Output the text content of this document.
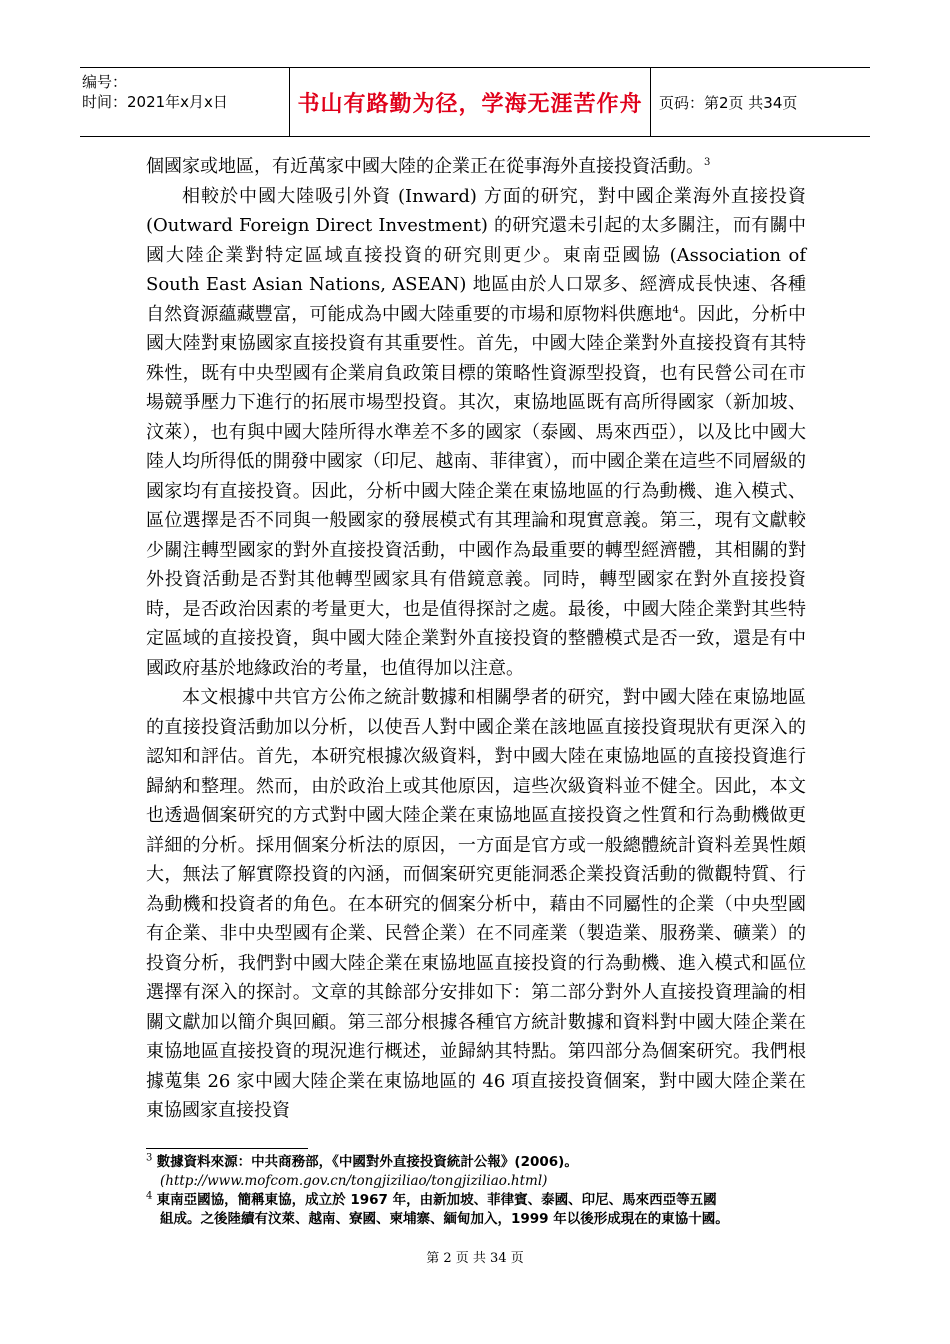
编号：
时间：2021年x月x日	书山有路勤为径，学海无涯苦作舟	页码：第2页 共34页

個國家或地區，有近萬家中國大陸的企業正在從事海外直接投資活動。$^3$

相較於中國大陸吸引外資 (Inward) 方面的研究，對中國企業海外直接投資 (Outward Foreign Direct Investment) 的研究還未引起的太多關注，而有關中國大陸企業對特定區域直接投資的研究則更少。東南亞國協 (Association of South East Asian Nations, ASEAN) 地區由於人口眾多、經濟成長快速、各種自然資源蘊藏豐富，可能成為中國大陸重要的市場和原物料供應地$^4$。因此，分析中國大陸對東協國家直接投資有其重要性。首先，中國大陸企業對外直接投資有其特殊性，既有中央型國有企業肩負政策目標的策略性資源型投資，也有民營公司在市場競爭壓力下進行的拓展市場型投資。其次，東協地區既有高所得國家（新加坡、汶萊），也有與中國大陸所得水準差不多的國家（泰國、馬來西亞），以及比中國大陸人均所得低的開發中國家（印尼、越南、菲律賓），而中國企業在這些不同層級的國家均有直接投資。因此，分析中國大陸企業在東協地區的行為動機、進入模式、區位選擇是否不同與一般國家的發展模式有其理論和現實意義。第三，現有文獻較少關注轉型國家的對外直接投資活動，中國作為最重要的轉型經濟體，其相關的對外投資活動是否對其他轉型國家具有借鏡意義。同時，轉型國家在對外直接投資時，是否政治因素的考量更大，也是值得探討之處。最後，中國大陸企業對其些特定區域的直接投資，與中國大陸企業對外直接投資的整體模式是否一致，還是有中國政府基於地緣政治的考量，也值得加以注意。

本文根據中共官方公佈之統計數據和相關學者的研究，對中國大陸在東協地區的直接投資活動加以分析，以使吾人對中國企業在該地區直接投資現狀有更深入的認知和評估。首先，本研究根據次級資料，對中國大陸在東協地區的直接投資進行歸納和整理。然而，由於政治上或其他原因，這些次級資料並不健全。因此，本文也透過個案研究的方式對中國大陸企業在東協地區直接投資之性質和行為動機做更詳細的分析。採用個案分析法的原因，一方面是官方或一般總體統計資料差異性頗大，無法了解實際投資的內涵，而個案研究更能洞悉企業投資活動的微觀特質、行為動機和投資者的角色。在本研究的個案分析中，藉由不同屬性的企業（中央型國有企業、非中央型國有企業、民營企業）在不同產業（製造業、服務業、礦業）的投資分析，我們對中國大陸企業在東協地區直接投資的行為動機、進入模式和區位選擇有深入的探討。文章的其餘部分安排如下：第二部分對外人直接投資理論的相關文獻加以簡介與回顧。第三部分根據各種官方統計數據和資料對中國大陸企業在東協地區直接投資的現況進行概述，並歸納其特點。第四部分為個案研究。我們根據蒐集 26 家中國大陸企業在東協地區的 46 項直接投資個案，對中國大陸企業在東協國家直接投資

$^3$ 數據資料來源：中共商務部，《中國對外直接投資統計公報》(2006)。
(http://www.mofcom.gov.cn/tongjiziliao/tongjiziliao.html)

$^4$ 東南亞國協，簡稱東協，成立於 1967 年，由新加坡、菲律賓、泰國、印尼、馬來西亞等五國
組成。之後陸續有汶萊、越南、寮國、柬埔寨、緬甸加入，1999 年以後形成現在的東協十國。

第 2 页 共 34 页
